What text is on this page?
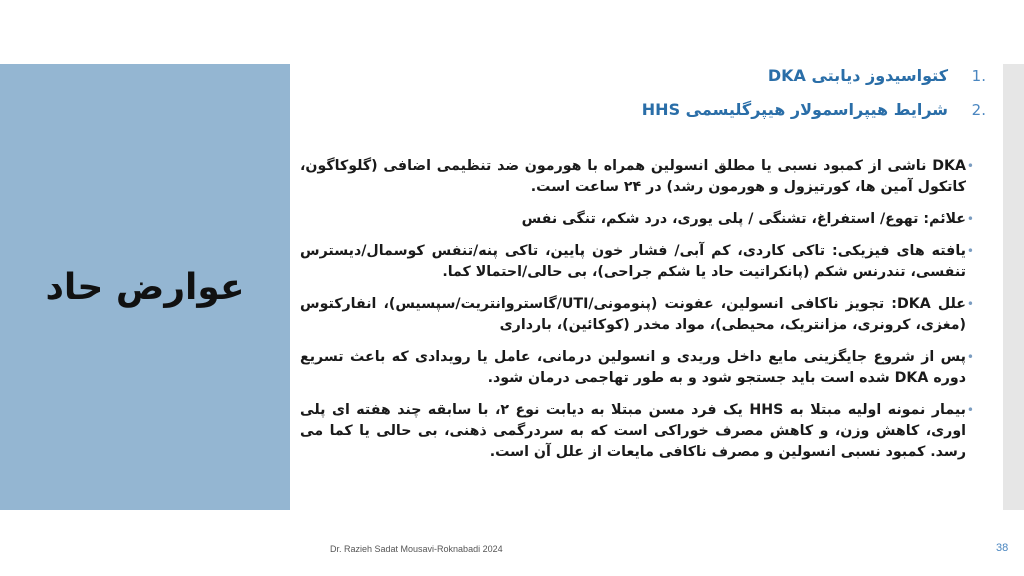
عوارض حاد
.1
کتواسیدوز دیابتی DKA
.2
شرایط هیپراسمولار هیپرگلیسمی HHS
•
DKA ناشی از کمبود نسبی یا مطلق انسولین همراه با هورمون ضد تنظیمی اضافی (گلوکاگون، کاتکول آمین ها، کورتیزول و هورمون رشد) در ۲۴ ساعت است.
•
علائم: تهوع/ استفراغ، تشنگی / پلی یوری، درد شکم، تنگی نفس
•
یافته های فیزیکی: تاکی کاردی، کم آبی/ فشار خون پایین، تاکی پنه/تنفس کوسمال/دیسترس تنفسی، تندرنس شکم (پانکراتیت حاد یا شکم جراحی)، بی حالی/احتمالا کما.
•
علل DKA: تجویز ناکافی انسولین، عفونت (پنومونی/UTI/گاستروانتریت/سپسیس)، انفارکتوس (مغزی، کرونری، مزانتریک، محیطی)، مواد مخدر (کوکائین)، بارداری
•
پس از شروع جایگزینی مایع داخل وریدی و انسولین درمانی، عامل یا رویدادی که باعث تسریع دوره DKA شده است باید جستجو شود و به طور تهاجمی درمان شود.
•
بیمار نمونه اولیه مبتلا به HHS یک فرد مسن مبتلا به دیابت نوع ۲، با سابقه چند هفته ای پلی اوری، کاهش وزن، و کاهش مصرف خوراکی است که به سردرگمی ذهنی، بی حالی یا کما می رسد. کمبود نسبی انسولین و مصرف ناکافی مایعات از علل آن است.
Dr. Razieh Sadat Mousavi-Roknabadi 2024	38
